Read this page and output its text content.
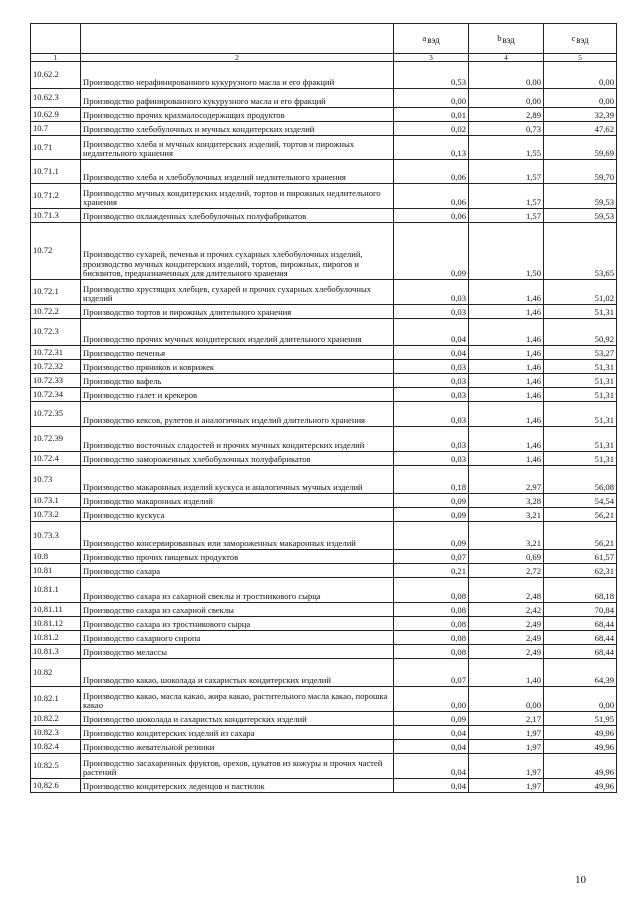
		$a_{вэд}$	$b_{вэд}$	$c_{вэд}$
1	2	3	4	5
10.62.2	Производство нерафинированного кукурузного масла и его фракций	0,53	0,00	0,00
10.62.3	Производство рафинированного кукурузного масла и его фракций	0,00	0,00	0,00
10.62.9	Производство прочих крахмалосодержащих продуктов	0,01	2,89	32,39
10.7	Производство хлебобулочных и мучных кондитерских изделий	0,02	0,73	47,62
10.71	Производство хлеба и мучных кондитерских изделий, тортов и пирожных недлительного хранения	0,13	1,55	59,69
10.71.1	Производство хлеба и хлебобулочных изделий недлительного хранения	0,06	1,57	59,70
10.71.2	Производство мучных кондитерских изделий, тортов и пирожных недлительного хранения	0,06	1,57	59,53
10.71.3	Производство охлажденных хлебобулочных полуфабрикатов	0,06	1,57	59,53
10.72	Производство сухарей, печенья и прочих сухарных хлебобулочных изделий, производство мучных кондитерских изделий, тортов, пирожных, пирогов и бисквитов, предназначенных для длительного хранения	0,09	1,50	53,65
10.72.1	Производство хрустящих хлебцев, сухарей и прочих сухарных хлебобулочных изделий	0,03	1,46	51,02
10.72.2	Производство тортов и пирожных длительного хранения	0,03	1,46	51,31
10.72.3	Производство прочих мучных кондитерских изделий длительного хранения	0,04	1,46	50,92
10.72.31	Производство печенья	0,04	1,46	53,27
10.72.32	Производство пряников и коврижек	0,03	1,46	51,31
10.72.33	Производство вафель	0,03	1,46	51,31
10.72.34	Производство галет и крекеров	0,03	1,46	51,31
10.72.35	Производство кексов, рулетов и аналогичных изделий длительного хранения	0,03	1,46	51,31
10.72.39	Производство восточных сладостей и прочих мучных кондитерских изделий	0,03	1,46	51,31
10.72.4	Производство замороженных хлебобулочных полуфабрикатов	0,03	1,46	51,31
10.73	Производство макаронных изделий кускуса и аналогичных мучных изделий	0,18	2,97	56,08
10.73.1	Производство макаронных изделий	0,09	3,28	54,54
10.73.2	Производство кускуса	0,09	3,21	56,21
10.73.3	Производство консервированных или замороженных макаронных изделий	0,09	3,21	56,21
10.8	Производство прочих пищевых продуктов	0,07	0,69	61,57
10.81	Производство сахара	0,21	2,72	62,31
10.81.1	Производство сахара из сахарной свеклы и тростникового сырца	0,08	2,48	68,18
10.81.11	Производство сахара из сахарной свеклы	0,08	2,42	70,84
10.81.12	Производство сахара из тростникового сырца	0,08	2,49	68,44
10.81.2	Производство сахарного сиропа	0,08	2,49	68,44
10.81.3	Производство мелассы	0,08	2,49	68,44
10.82	Производство какао, шоколада и сахаристых кондитерских изделий	0,07	1,40	64,39
10.82.1	Производство какао, масла какао, жира какао, растительного масла какао, порошка какао	0,00	0,00	0,00
10.82.2	Производство шоколада и сахаристых кондитерских изделий	0,09	2,17	51,95
10.82.3	Производство кондитерских изделий из сахара	0,04	1,97	49,96
10.82.4	Производство жевательной резинки	0,04	1,97	49,96
10.82.5	Производство засахаренных фруктов, орехов, цукатов из кожуры и прочих частей растений	0,04	1,97	49,96
10.82.6	Производство кондитерских леденцов и пастилок	0,04	1,97	49,96
10
